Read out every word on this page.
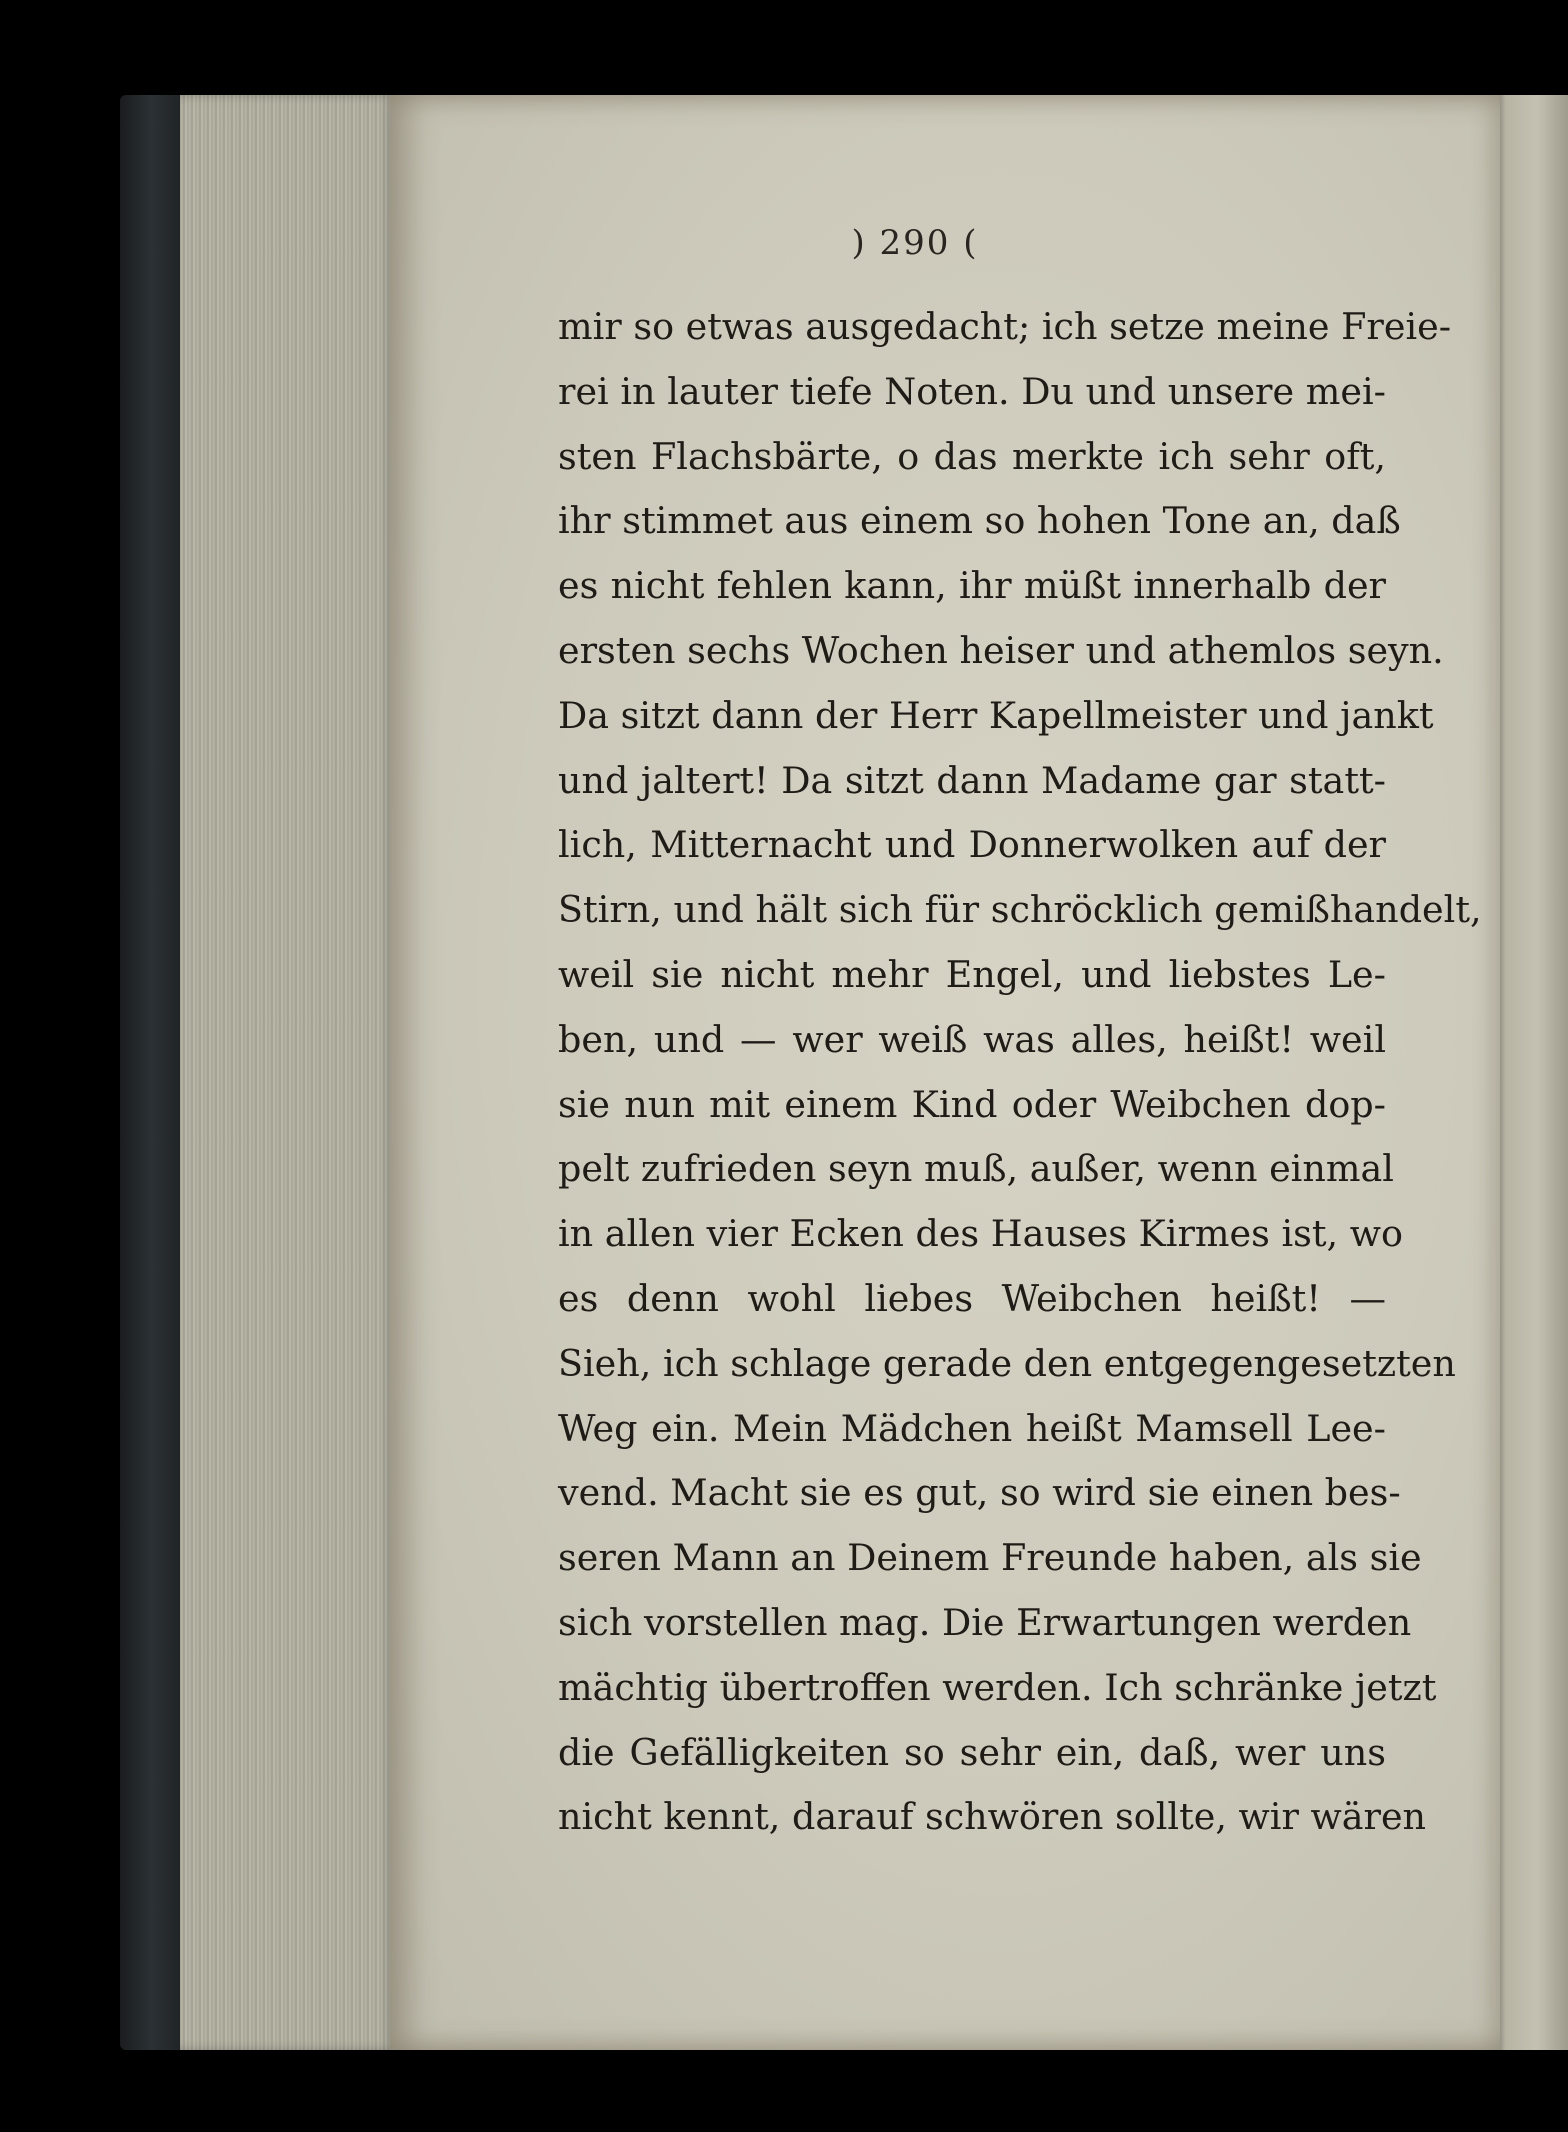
) 290 (
mir so etwas ausgedacht; ich setze meine Freie-
rei in lauter tiefe Noten. Du und unsere mei-
sten Flachsbärte, o das merkte ich sehr oft,
ihr stimmet aus einem so hohen Tone an, daß
es nicht fehlen kann, ihr müßt innerhalb der
ersten sechs Wochen heiser und athemlos seyn.
Da sitzt dann der Herr Kapellmeister und jankt
und jaltert! Da sitzt dann Madame gar statt-
lich, Mitternacht und Donnerwolken auf der
Stirn, und hält sich für schröcklich gemißhandelt,
weil sie nicht mehr Engel, und liebstes Le-
ben, und — wer weiß was alles, heißt! weil
sie nun mit einem Kind oder Weibchen dop-
pelt zufrieden seyn muß, außer, wenn einmal
in allen vier Ecken des Hauses Kirmes ist, wo
es denn wohl liebes Weibchen heißt! —
Sieh, ich schlage gerade den entgegengesetzten
Weg ein. Mein Mädchen heißt Mamsell Lee-
vend. Macht sie es gut, so wird sie einen bes-
seren Mann an Deinem Freunde haben, als sie
sich vorstellen mag. Die Erwartungen werden
mächtig übertroffen werden. Ich schränke jetzt
die Gefälligkeiten so sehr ein, daß, wer uns
nicht kennt, darauf schwören sollte, wir wären
